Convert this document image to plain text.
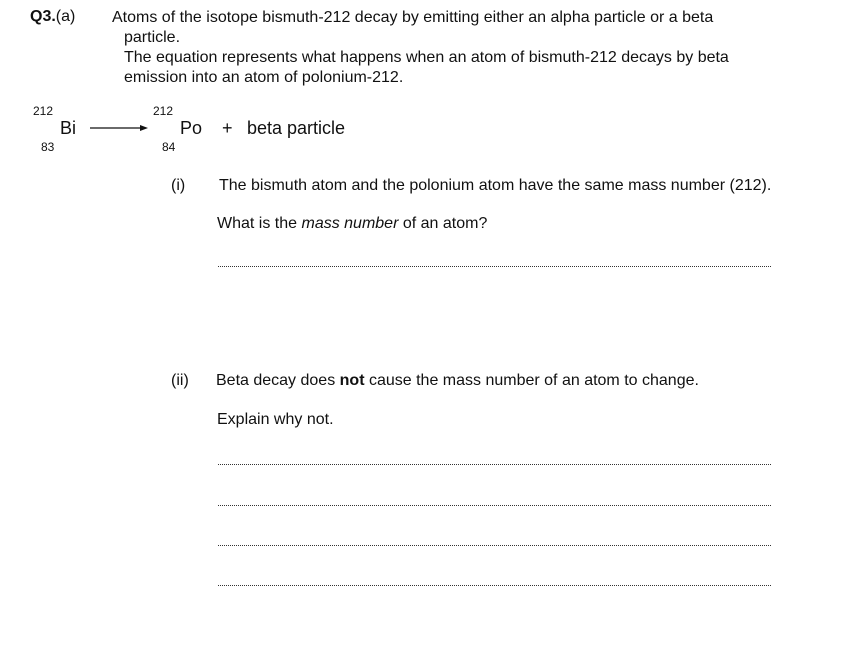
Q3.(a) Atoms of the isotope bismuth-212 decay by emitting either an alpha particle or a beta
particle.
The equation represents what happens when an atom of bismuth-212 decays by beta
emission into an atom of polonium-212.
212
Bi
83
212
Po
84
+ beta particle
(i) The bismuth atom and the polonium atom have the same mass number (212).
What is the mass number of an atom?
(ii) Beta decay does not cause the mass number of an atom to change.
Explain why not.
